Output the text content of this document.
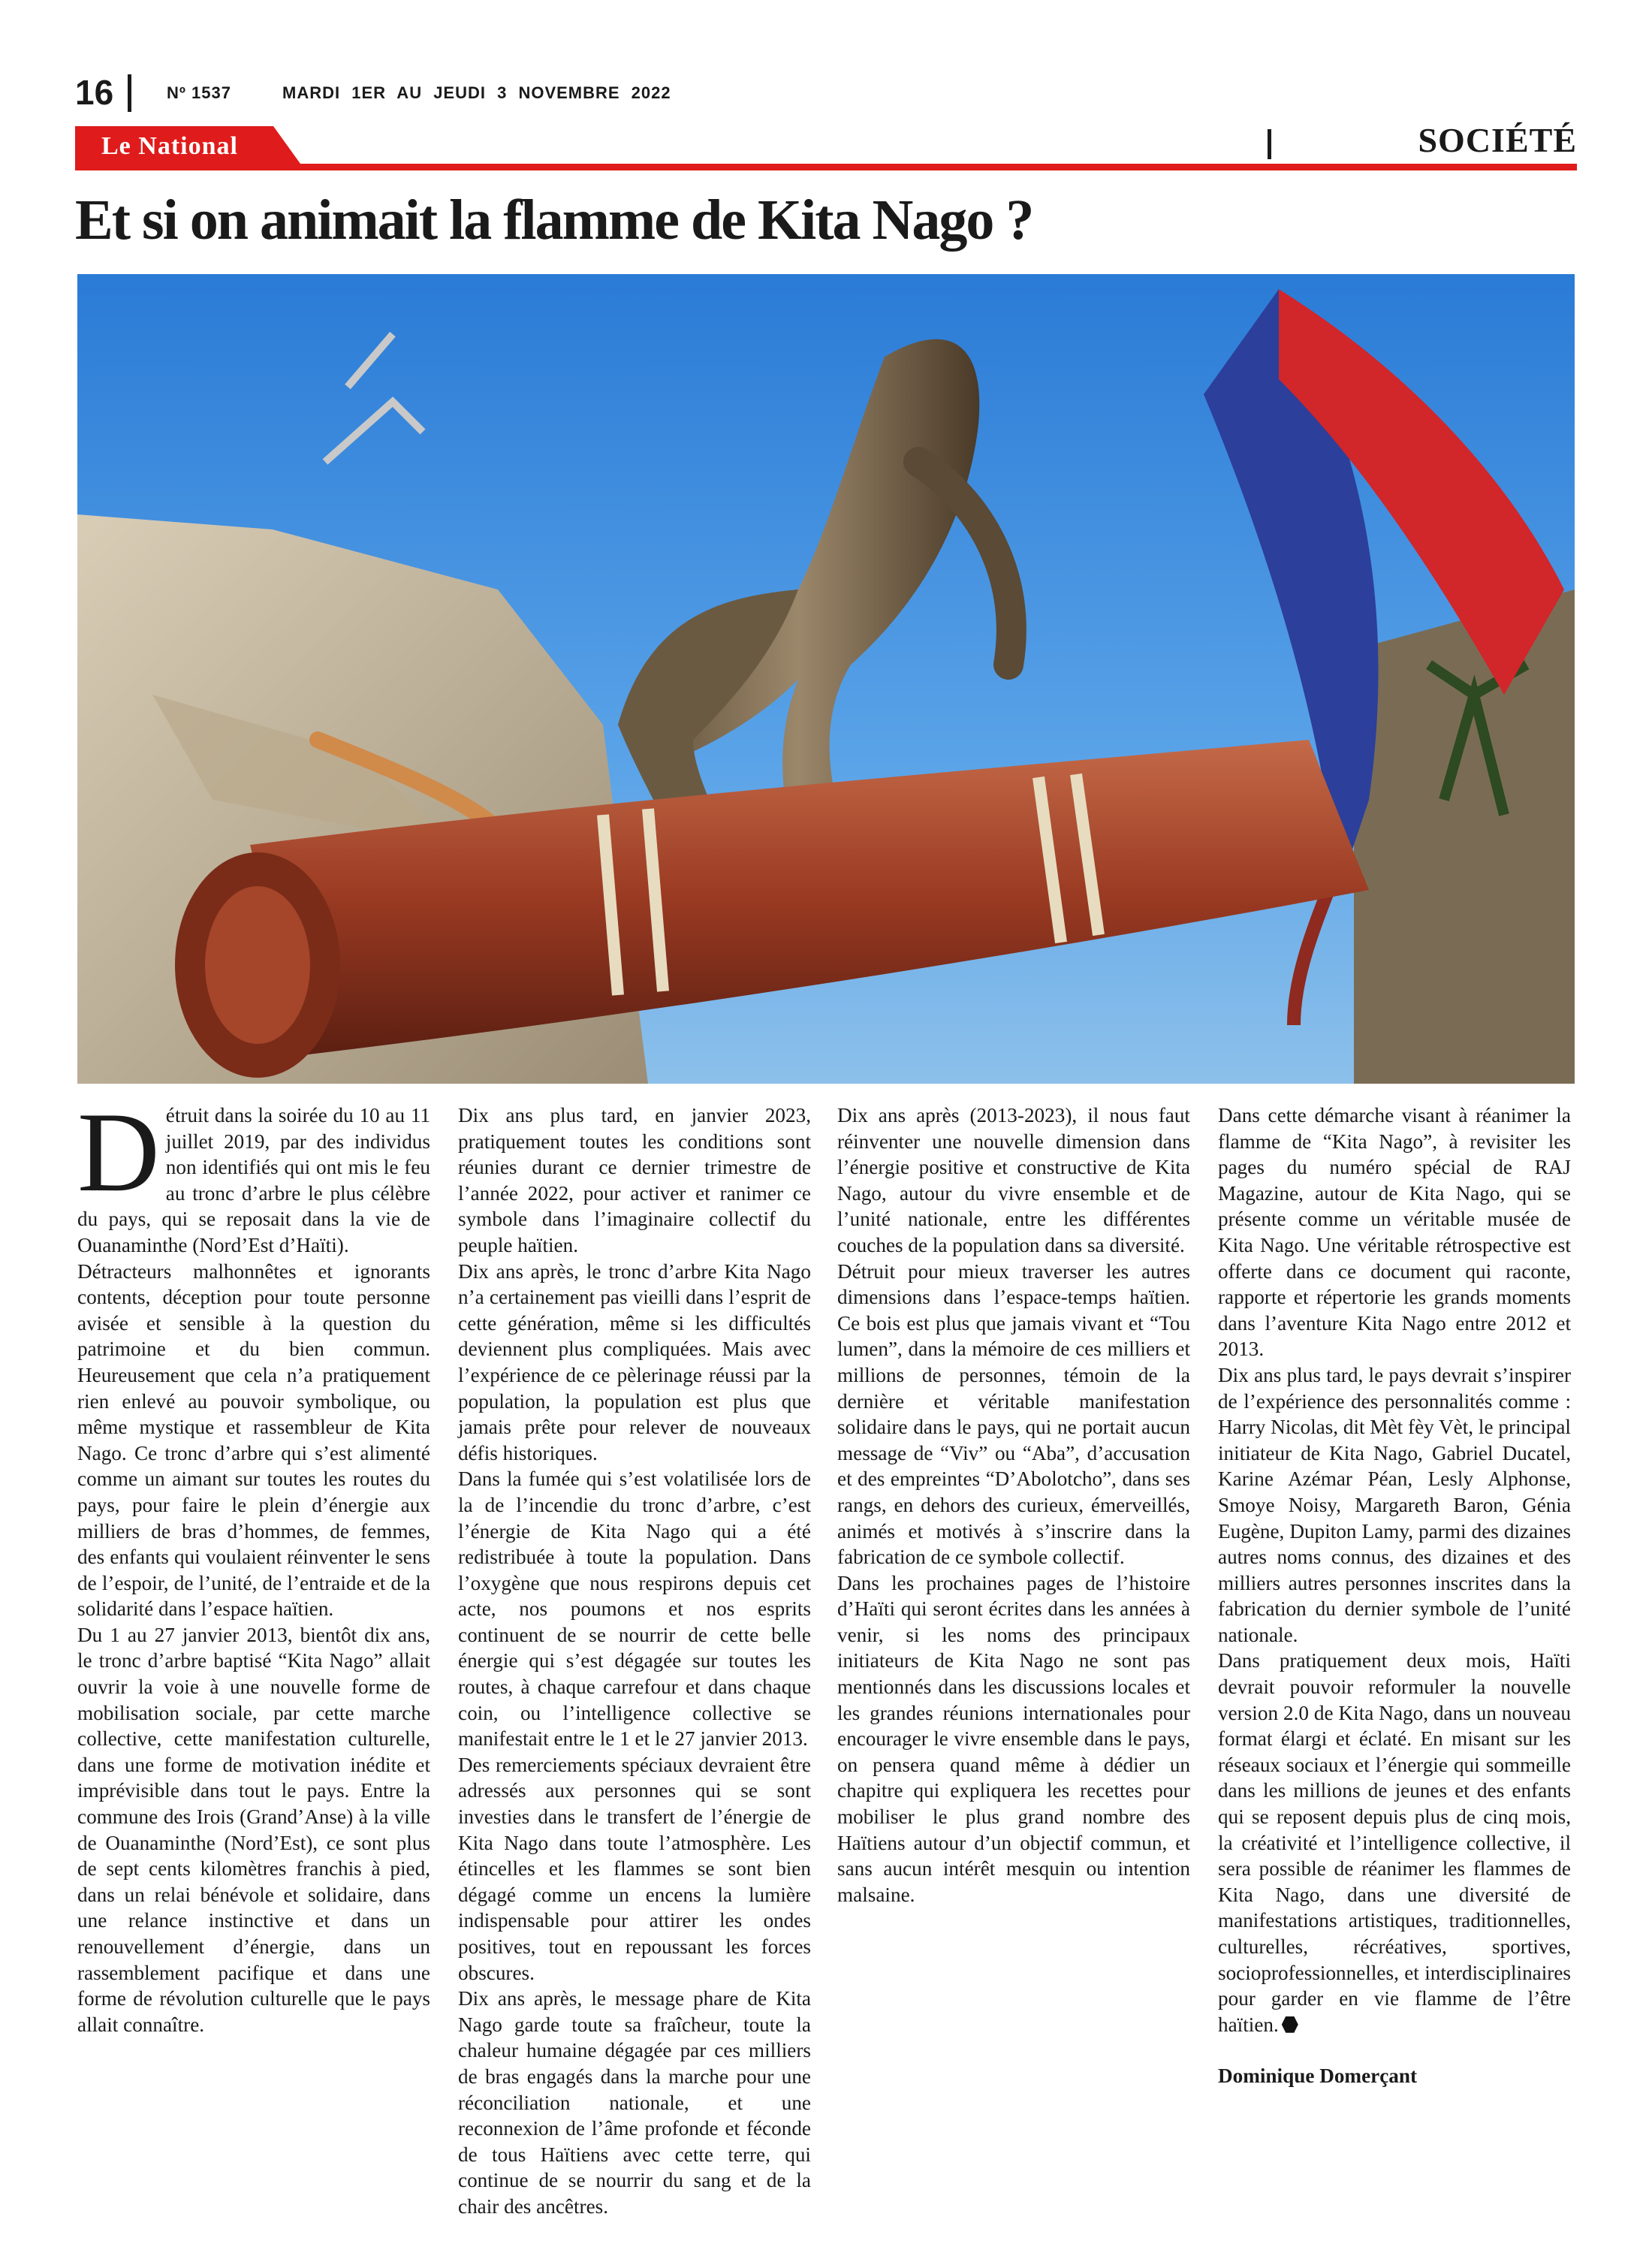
16	Nº 1537	MARDI 1ER AU JEUDI 3 NOVEMBRE 2022
Le National	SOCIÉTÉ
Et si on animait la flamme de Kita Nago ?

Détruit dans la soirée du 10 au 11 juillet 2019, par des individus non identifiés qui ont mis le feu au tronc d’arbre le plus célèbre du pays, qui se reposait dans la vie de Ouanaminthe (Nord’Est d’Haïti).

Détracteurs malhonnêtes et ignorants contents, déception pour toute personne avisée et sensible à la question du patrimoine et du bien commun. Heureusement que cela n’a pratiquement rien enlevé au pouvoir symbolique, ou même mystique et rassembleur de Kita Nago. Ce tronc d’arbre qui s’est alimenté comme un aimant sur toutes les routes du pays, pour faire le plein d’énergie aux milliers de bras d’hommes, de femmes, des enfants qui voulaient réinventer le sens de l’espoir, de l’unité, de l’entraide et de la solidarité dans l’espace haïtien.

Du 1 au 27 janvier 2013, bientôt dix ans, le tronc d’arbre baptisé “Kita Nago” allait ouvrir la voie à une nouvelle forme de mobilisation sociale, par cette marche collective, cette manifestation culturelle, dans une forme de motivation inédite et imprévisible dans tout le pays. Entre la commune des Irois (Grand’Anse) à la ville de Ouanaminthe (Nord’Est), ce sont plus de sept cents kilomètres franchis à pied, dans un relai bénévole et solidaire, dans une relance instinctive et dans un renouvellement d’énergie, dans un rassemblement pacifique et dans une forme de révolution culturelle que le pays allait connaître.

Dix ans plus tard, en janvier 2023, pratiquement toutes les conditions sont réunies durant ce dernier trimestre de l’année 2022, pour activer et ranimer ce symbole dans l’imaginaire collectif du peuple haïtien.

Dix ans après, le tronc d’arbre Kita Nago n’a certainement pas vieilli dans l’esprit de cette génération, même si les difficultés deviennent plus compliquées. Mais avec l’expérience de ce pèlerinage réussi par la population, la population est plus que jamais prête pour relever de nouveaux défis historiques.

Dans la fumée qui s’est volatilisée lors de la de l’incendie du tronc d’arbre, c’est l’énergie de Kita Nago qui a été redistribuée à toute la population. Dans l’oxygène que nous respirons depuis cet acte, nos poumons et nos esprits continuent de se nourrir de cette belle énergie qui s’est dégagée sur toutes les routes, à chaque carrefour et dans chaque coin, ou l’intelligence collective se manifestait entre le 1 et le 27 janvier 2013.

Des remerciements spéciaux devraient être adressés aux personnes qui se sont investies dans le transfert de l’énergie de Kita Nago dans toute l’atmosphère. Les étincelles et les flammes se sont bien dégagé comme un encens la lumière indispensable pour attirer les ondes positives, tout en repoussant les forces obscures.

Dix ans après, le message phare de Kita Nago garde toute sa fraîcheur, toute la chaleur humaine dégagée par ces milliers de bras engagés dans la marche pour une réconciliation nationale, et une reconnexion de l’âme profonde et féconde de tous Haïtiens avec cette terre, qui continue de se nourrir du sang et de la chair des ancêtres.

Dix ans après (2013-2023), il nous faut réinventer une nouvelle dimension dans l’énergie positive et constructive de Kita Nago, autour du vivre ensemble et de l’unité nationale, entre les différentes couches de la population dans sa diversité.

Détruit pour mieux traverser les autres dimensions dans l’espace-temps haïtien. Ce bois est plus que jamais vivant et “Tou lumen”, dans la mémoire de ces milliers et millions de personnes, témoin de la dernière et véritable manifestation solidaire dans le pays, qui ne portait aucun message de “Viv” ou “Aba”, d’accusation et des empreintes “D’Abolotcho”, dans ses rangs, en dehors des curieux, émerveillés, animés et motivés à s’inscrire dans la fabrication de ce symbole collectif.

Dans les prochaines pages de l’histoire d’Haïti qui seront écrites dans les années à venir, si les noms des principaux initiateurs de Kita Nago ne sont pas mentionnés dans les discussions locales et les grandes réunions internationales pour encourager le vivre ensemble dans le pays, on pensera quand même à dédier un chapitre qui expliquera les recettes pour mobiliser le plus grand nombre des Haïtiens autour d’un objectif commun, et sans aucun intérêt mesquin ou intention malsaine.

Dans cette démarche visant à réanimer la flamme de “Kita Nago”, à revisiter les pages du numéro spécial de RAJ Magazine, autour de Kita Nago, qui se présente comme un véritable musée de Kita Nago. Une véritable rétrospective est offerte dans ce document qui raconte, rapporte et répertorie les grands moments dans l’aventure Kita Nago entre 2012 et 2013.

Dix ans plus tard, le pays devrait s’inspirer de l’expérience des personnalités comme : Harry Nicolas, dit Mèt fèy Vèt, le principal initiateur de Kita Nago, Gabriel Ducatel, Karine Azémar Péan, Lesly Alphonse, Smoye Noisy, Margareth Baron, Génia Eugène, Dupiton Lamy, parmi des dizaines autres noms connus, des dizaines et des milliers autres personnes inscrites dans la fabrication du dernier symbole de l’unité nationale.

Dans pratiquement deux mois, Haïti devrait pouvoir reformuler la nouvelle version 2.0 de Kita Nago, dans un nouveau format élargi et éclaté. En misant sur les réseaux sociaux et l’énergie qui sommeille dans les millions de jeunes et des enfants qui se reposent depuis plus de cinq mois, la créativité et l’intelligence collective, il sera possible de réanimer les flammes de Kita Nago, dans une diversité de manifestations artistiques, traditionnelles, culturelles, récréatives, sportives, socioprofessionnelles, et interdisciplinaires pour garder en vie flamme de l’être haïtien.

Dominique Domerçant
